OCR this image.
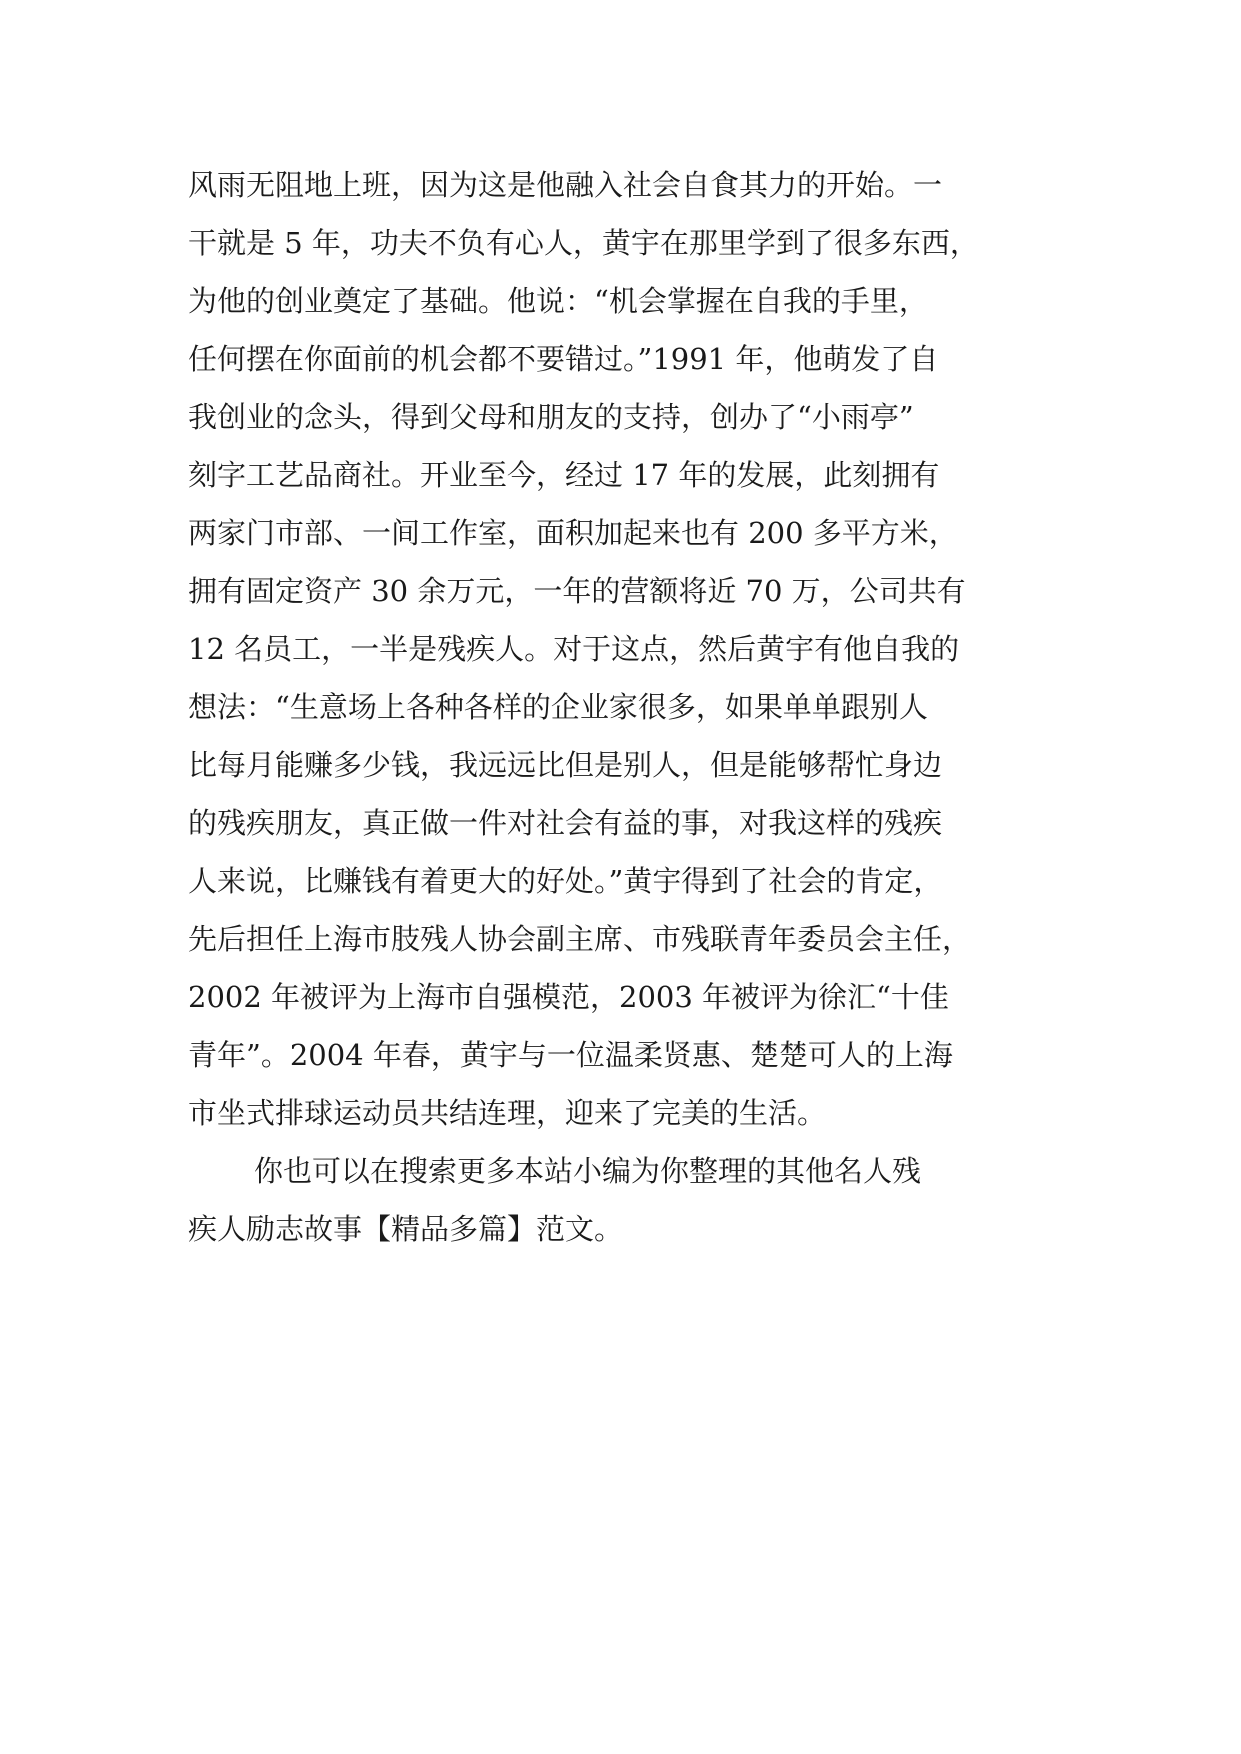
风雨无阻地上班，因为这是他融入社会自食其力的开始。一
干就是 5 年，功夫不负有心人，黄宇在那里学到了很多东西，
为他的创业奠定了基础。他说：“机会掌握在自我的手里，
任何摆在你面前的机会都不要错过。”1991 年，他萌发了自
我创业的念头，得到父母和朋友的支持，创办了“小雨亭”
刻字工艺品商社。开业至今，经过 17 年的发展，此刻拥有
两家门市部、一间工作室，面积加起来也有 200 多平方米，
拥有固定资产 30 余万元，一年的营额将近 70 万，公司共有
12 名员工，一半是残疾人。对于这点，然后黄宇有他自我的
想法：“生意场上各种各样的企业家很多，如果单单跟别人
比每月能赚多少钱，我远远比但是别人，但是能够帮忙身边
的残疾朋友，真正做一件对社会有益的事，对我这样的残疾
人来说，比赚钱有着更大的好处。”黄宇得到了社会的肯定，
先后担任上海市肢残人协会副主席、市残联青年委员会主任，
2002 年被评为上海市自强模范，2003 年被评为徐汇“十佳
青年”。2004 年春，黄宇与一位温柔贤惠、楚楚可人的上海
市坐式排球运动员共结连理，迎来了完美的生活。
你也可以在搜索更多本站小编为你整理的其他名人残
疾人励志故事【精品多篇】范文。
